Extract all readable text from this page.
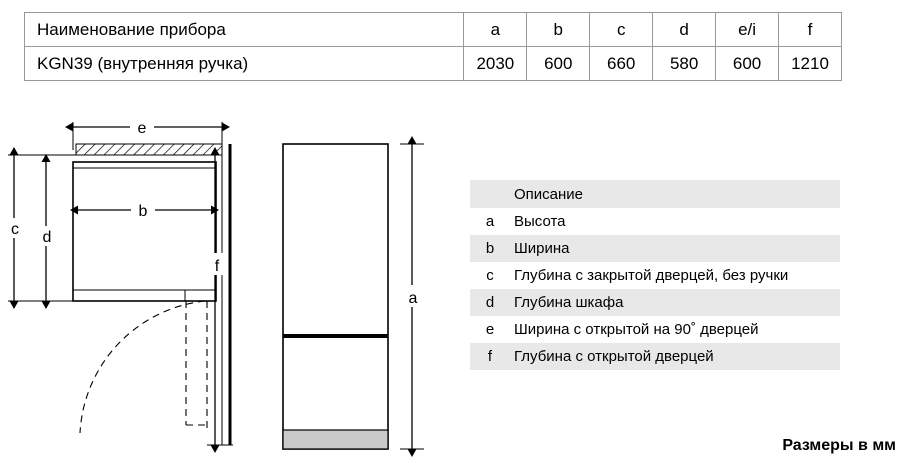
Наименование прибора	a	b	c	d	e/i	f
KGN39 (внутренняя ручка)	2030	600	660	580	600	1210
e
b
c d
f
a
Описание
a	Высота
b	Ширина
c	Глубина с закрытой дверцей, без ручки
d	Глубина шкафа
e	Ширина с открытой на 90˚ дверцей
f	Глубина с открытой дверцей
Размеры в мм
